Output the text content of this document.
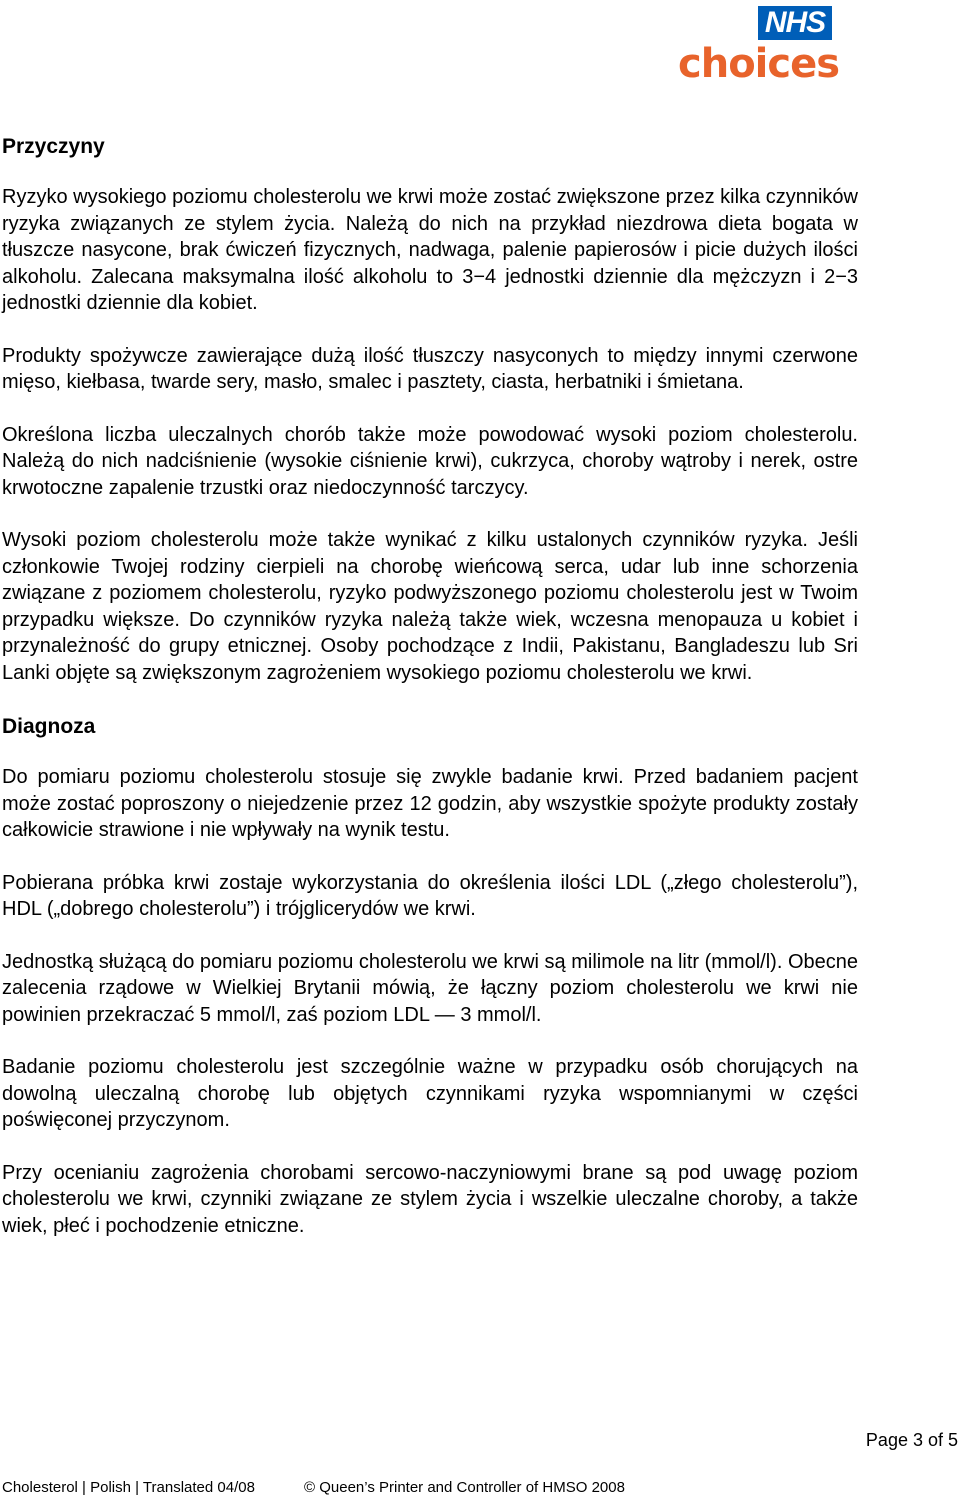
NHS
choices
Przyczyny

Ryzyko wysokiego poziomu cholesterolu we krwi może zostać zwiększone przez kilka czynników ryzyka związanych ze stylem życia. Należą do nich na przykład niezdrowa dieta bogata w tłuszcze nasycone, brak ćwiczeń fizycznych, nadwaga, palenie papierosów i picie dużych ilości alkoholu. Zalecana maksymalna ilość alkoholu to 3−4 jednostki dziennie dla mężczyzn i 2−3 jednostki dziennie dla kobiet.

Produkty spożywcze zawierające dużą ilość tłuszczy nasyconych to między innymi czerwone mięso, kiełbasa, twarde sery, masło, smalec i pasztety, ciasta, herbatniki i śmietana.

Określona liczba uleczalnych chorób także może powodować wysoki poziom cholesterolu. Należą do nich nadciśnienie (wysokie ciśnienie krwi), cukrzyca, choroby wątroby i nerek, ostre krwotoczne zapalenie trzustki oraz niedoczynność tarczycy.

Wysoki poziom cholesterolu może także wynikać z kilku ustalonych czynników ryzyka. Jeśli członkowie Twojej rodziny cierpieli na chorobę wieńcową serca, udar lub inne schorzenia związane z poziomem cholesterolu, ryzyko podwyższonego poziomu cholesterolu jest w Twoim przypadku większe. Do czynników ryzyka należą także wiek, wczesna menopauza u kobiet i przynależność do grupy etnicznej. Osoby pochodzące z Indii, Pakistanu, Bangladeszu lub Sri Lanki objęte są zwiększonym zagrożeniem wysokiego poziomu cholesterolu we krwi.

Diagnoza

Do pomiaru poziomu cholesterolu stosuje się zwykle badanie krwi. Przed badaniem pacjent może zostać poproszony o niejedzenie przez 12 godzin, aby wszystkie spożyte produkty zostały całkowicie strawione i nie wpływały na wynik testu.

Pobierana próbka krwi zostaje wykorzystania do określenia ilości LDL („złego cholesterolu”), HDL („dobrego cholesterolu”) i trójglicerydów we krwi.

Jednostką służącą do pomiaru poziomu cholesterolu we krwi są milimole na litr (mmol/l). Obecne zalecenia rządowe w Wielkiej Brytanii mówią, że łączny poziom cholesterolu we krwi nie powinien przekraczać 5 mmol/l, zaś poziom LDL — 3 mmol/l.

Badanie poziomu cholesterolu jest szczególnie ważne w przypadku osób chorujących na dowolną uleczalną chorobę lub objętych czynnikami ryzyka wspomnianymi w części poświęconej przyczynom.

Przy ocenianiu zagrożenia chorobami sercowo-naczyniowymi brane są pod uwagę poziom cholesterolu we krwi, czynniki związane ze stylem życia i wszelkie uleczalne choroby, a także wiek, płeć i pochodzenie etniczne.

Page 3 of 5
Cholesterol | Polish | Translated 04/08	© Queen’s Printer and Controller of HMSO 2008
